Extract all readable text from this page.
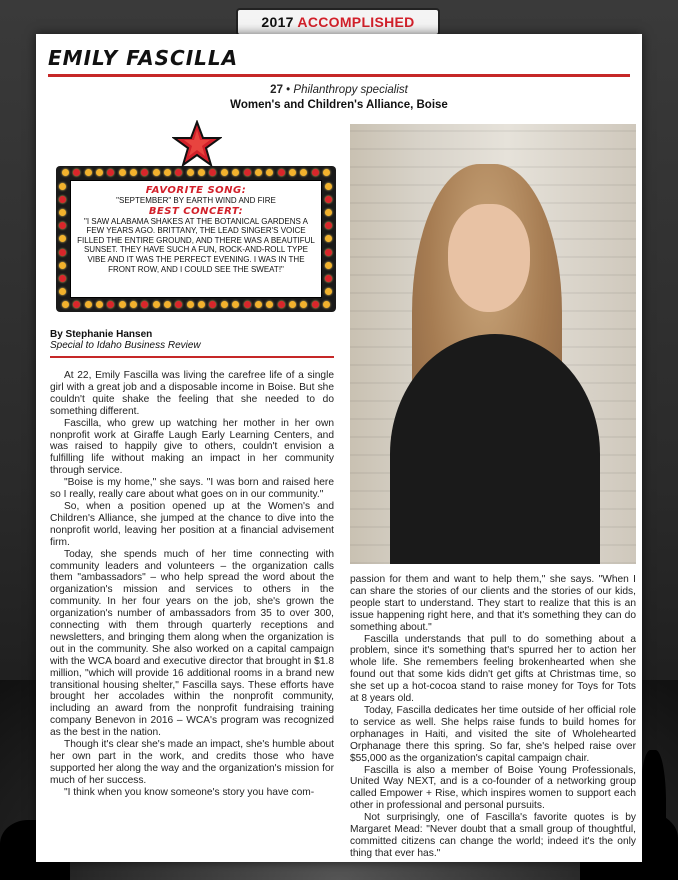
2017 ACCOMPLISHED
EMILY FASCILLA
27 • Philanthropy specialist
Women's and Children's Alliance, Boise
FAVORITE SONG:
"SEPTEMBER" BY EARTH WIND AND FIRE
BEST CONCERT:
"I SAW ALABAMA SHAKES AT THE BOTANICAL GARDENS A FEW YEARS AGO. BRITTANY, THE LEAD SINGER'S VOICE FILLED THE ENTIRE GROUND, AND THERE WAS A BEAUTIFUL SUNSET. THEY HAVE SUCH A FUN, ROCK-AND-ROLL TYPE VIBE AND IT WAS THE PERFECT EVENING. I WAS IN THE FRONT ROW, AND I COULD SEE THE SWEAT!"
By Stephanie Hansen
Special to Idaho Business Review

At 22, Emily Fascilla was living the carefree life of a single girl with a great job and a disposable income in Boise. But she couldn't quite shake the feeling that she needed to do something different.

Fascilla, who grew up watching her mother in her own nonprofit work at Giraffe Laugh Early Learning Centers, and was raised to happily give to others, couldn't envision a fulfilling life without making an impact in her community through service.

"Boise is my home," she says. "I was born and raised here so I really, really care about what goes on in our community."

So, when a position opened up at the Women's and Children's Alliance, she jumped at the chance to dive into the nonprofit world, leaving her position at a financial advisement firm.

Today, she spends much of her time connecting with community leaders and volunteers – the organization calls them "ambassadors" – who help spread the word about the organization's mission and services to others in the community. In her four years on the job, she's grown the organization's number of ambassadors from 35 to over 300, connecting with them through quarterly receptions and newsletters, and bringing them along when the organization is out in the community. She also worked on a capital campaign with the WCA board and executive director that brought in $1.8 million, "which will provide 16 additional rooms in a brand new transitional housing shelter," Fascilla says. These efforts have brought her accolades within the nonprofit community, including an award from the nonprofit fundraising training company Benevon in 2016 – WCA's program was recognized as the best in the nation.

Though it's clear she's made an impact, she's humble about her own part in the work, and credits those who have supported her along the way and the organization's mission for much of her success.

"I think when you know someone's story you have com-

passion for them and want to help them," she says. "When I can share the stories of our clients and the stories of our kids, people start to understand. They start to realize that this is an issue happening right here, and that it's something they can do something about."

Fascilla understands that pull to do something about a problem, since it's something that's spurred her to action her whole life. She remembers feeling brokenhearted when she found out that some kids didn't get gifts at Christmas time, so she set up a hot-cocoa stand to raise money for Toys for Tots at 8 years old.

Today, Fascilla dedicates her time outside of her official role to service as well. She helps raise funds to build homes for orphanages in Haiti, and visited the site of Wholehearted Orphanage there this spring. So far, she's helped raise over $55,000 as the organization's capital campaign chair.

Fascilla is also a member of Boise Young Professionals, United Way NEXT, and is a co-founder of a networking group called Empower + Rise, which inspires women to support each other in professional and personal pursuits.

Not surprisingly, one of Fascilla's favorite quotes is by Margaret Mead: "Never doubt that a small group of thoughtful, committed citizens can change the world; indeed it's the only thing that ever has."
